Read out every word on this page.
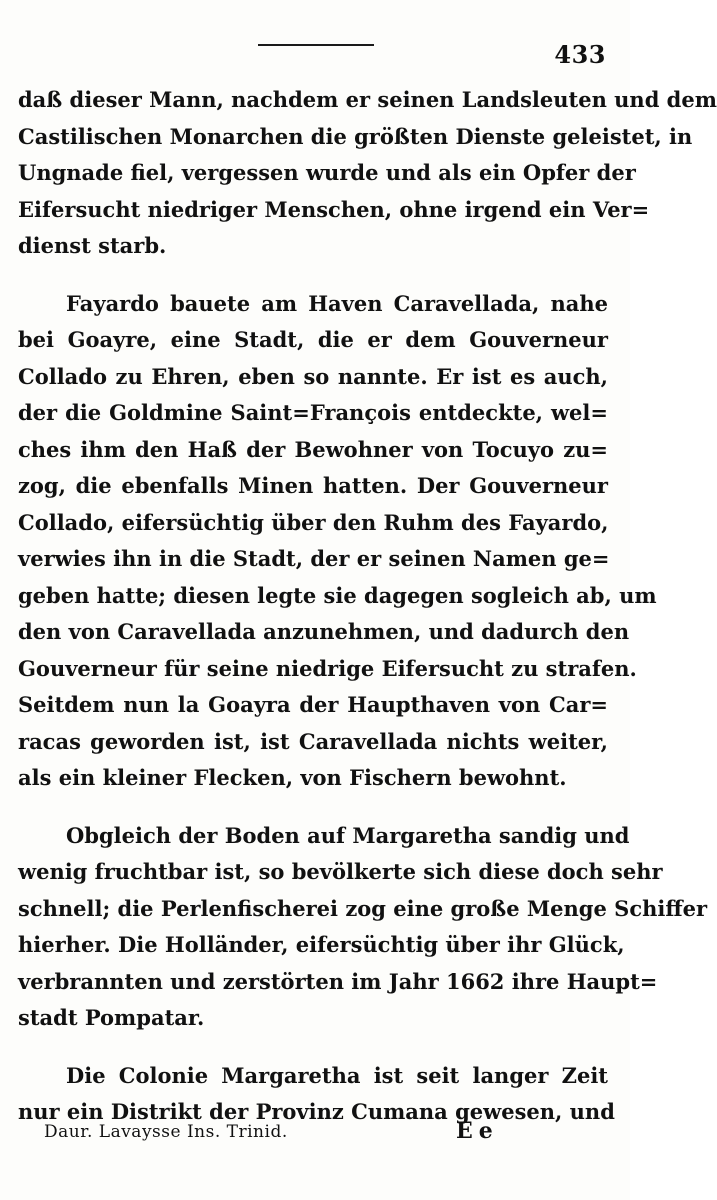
433
daß dieser Mann, nachdem er seinen Landsleuten und dem
Castilischen Monarchen die größten Dienste geleistet, in
Ungnade fiel, vergessen wurde und als ein Opfer der
Eifersucht niedriger Menschen, ohne irgend ein Ver=
dienst starb.
Fayardo bauete am Haven Caravellada, nahe
bei Goayre, eine Stadt, die er dem Gouverneur
Collado zu Ehren, eben so nannte. Er ist es auch,
der die Goldmine Saint=François entdeckte, wel=
ches ihm den Haß der Bewohner von Tocuyo zu=
zog, die ebenfalls Minen hatten. Der Gouverneur
Collado, eifersüchtig über den Ruhm des Fayardo,
verwies ihn in die Stadt, der er seinen Namen ge=
geben hatte; diesen legte sie dagegen sogleich ab, um
den von Caravellada anzunehmen, und dadurch den
Gouverneur für seine niedrige Eifersucht zu strafen.
Seitdem nun la Goayra der Haupthaven von Car=
racas geworden ist, ist Caravellada nichts weiter,
als ein kleiner Flecken, von Fischern bewohnt.
Obgleich der Boden auf Margaretha sandig und
wenig fruchtbar ist, so bevölkerte sich diese doch sehr
schnell; die Perlenfischerei zog eine große Menge Schiffer
hierher. Die Holländer, eifersüchtig über ihr Glück,
verbrannten und zerstörten im Jahr 1662 ihre Haupt=
stadt Pompatar.
Die Colonie Margaretha ist seit langer Zeit
nur ein Distrikt der Provinz Cumana gewesen, und
Daur. Lavaysse Ins. Trinid.	Ee
